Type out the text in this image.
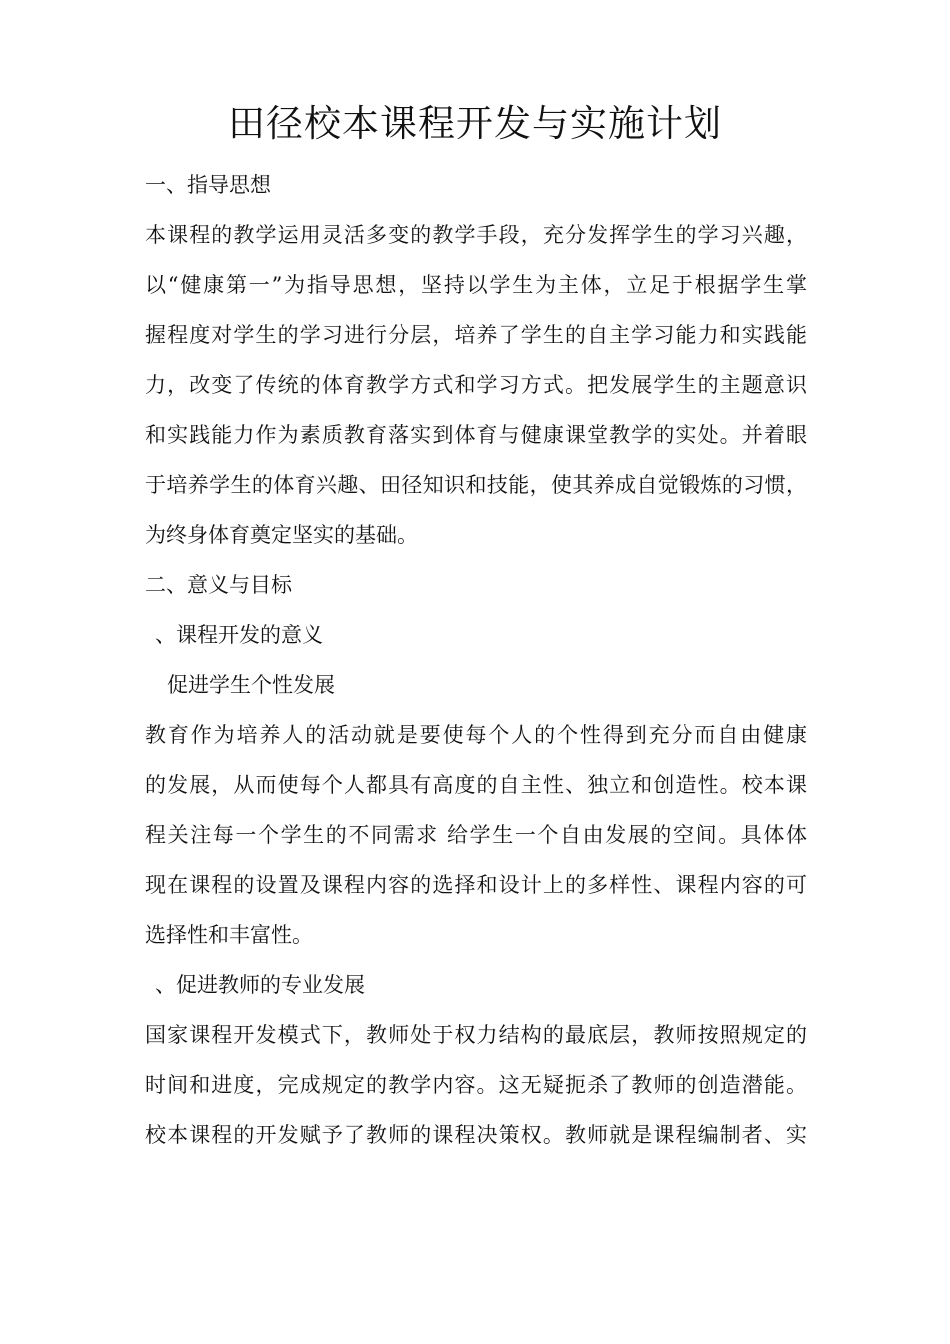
田径校本课程开发与实施计划
一、指导思想
本课程的教学运用灵活多变的教学手段，充分发挥学生的学习兴趣，
以“健康第一”为指导思想，坚持以学生为主体，立足于根据学生掌
握程度对学生的学习进行分层，培养了学生的自主学习能力和实践能
力，改变了传统的体育教学方式和学习方式。把发展学生的主题意识
和实践能力作为素质教育落实到体育与健康课堂教学的实处。并着眼
于培养学生的体育兴趣、田径知识和技能，使其养成自觉锻炼的习惯，
为终身体育奠定坚实的基础。
二、意义与目标
、课程开发的意义
促进学生个性发展
教育作为培养人的活动就是要使每个人的个性得到充分而自由健康
的发展，从而使每个人都具有高度的自主性、独立和创造性。校本课
程关注每一个学生的不同需求 给学生一个自由发展的空间。具体体
现在课程的设置及课程内容的选择和设计上的多样性、课程内容的可
选择性和丰富性。
、促进教师的专业发展
国家课程开发模式下，教师处于权力结构的最底层，教师按照规定的
时间和进度，完成规定的教学内容。这无疑扼杀了教师的创造潜能。
校本课程的开发赋予了教师的课程决策权。教师就是课程编制者、实
